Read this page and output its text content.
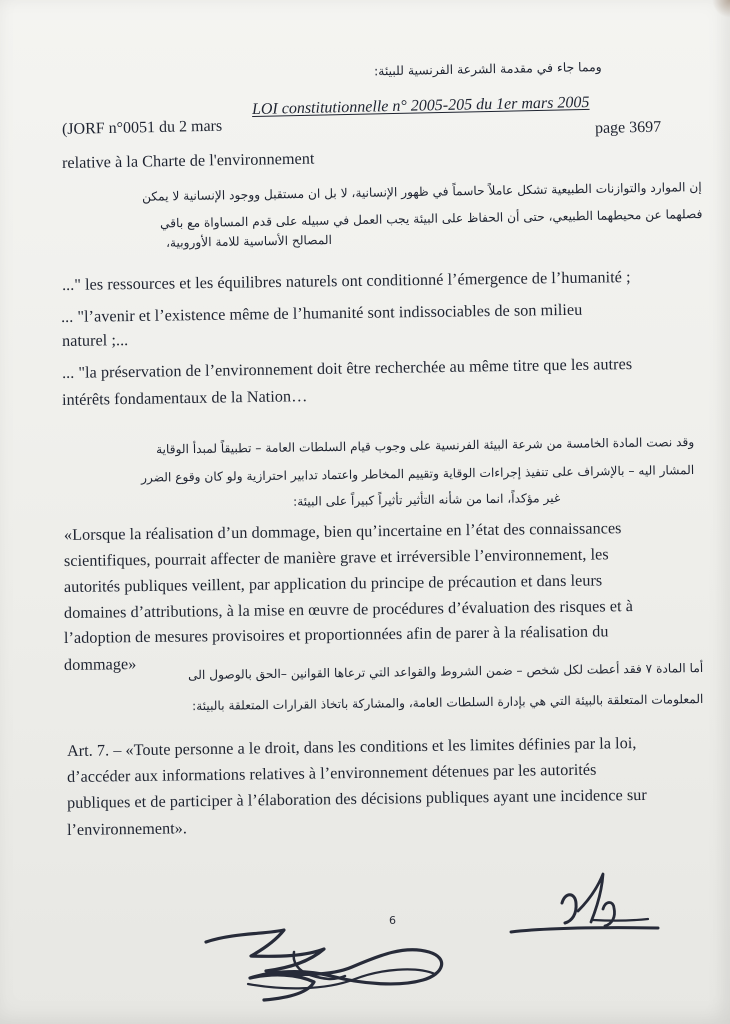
ومما جاء في مقدمة الشرعة الفرنسية للبيئة:
(JORF n°0051 du 2 mars
LOI constitutionnelle n° 2005-205 du 1er mars 2005
page 3697
relative à la Charte de l'environnement
إن الموارد والتوازنات الطبيعية تشكل عاملاً حاسماً في ظهور الإنسانية، لا بل ان مستقبل ووجود الإنسانية لا يمكن
فصلهما عن محيطهما الطبيعي، حتى أن الحفاظ على البيئة يجب العمل في سبيله على قدم المساواة مع باقي
المصالح الأساسية للامة الأوروبية،
..." les ressources et les équilibres naturels ont conditionné l’émergence de l’humanité ;
... "l’avenir et l’existence même de l’humanité sont indissociables de son milieu
naturel ;...
... "la préservation de l’environnement doit être recherchée au même titre que les autres
intérêts fondamentaux de la Nation…
وقد نصت المادة الخامسة من شرعة البيئة الفرنسية على وجوب قيام السلطات العامة – تطبيقاً لمبدأ الوقاية
المشار اليه – بالإشراف على تنفيذ إجراءات الوقاية وتقييم المخاطر واعتماد تدابير احترازية ولو كان وقوع الضرر
غير مؤكداً، انما من شأنه التأثير تأثيراً كبيراً على البيئة:
«Lorsque la réalisation d’un dommage, bien qu’incertaine en l’état des connaissances
scientifiques, pourrait affecter de manière grave et irréversible l’environnement, les
autorités publiques veillent, par application du principe de précaution et dans leurs
domaines d’attributions, à la mise en œuvre de procédures d’évaluation des risques et à
l’adoption de mesures provisoires et proportionnées afin de parer à la réalisation du
dommage»	أما المادة ٧ فقد أعطت لكل شخص – ضمن الشروط والقواعد التي ترعاها القوانين –الحق بالوصول الى
المعلومات المتعلقة بالبيئة التي هي بإدارة السلطات العامة، والمشاركة باتخاذ القرارات المتعلقة بالبيئة:
Art. 7. – «Toute personne a le droit, dans les conditions et les limites définies par la loi,
d’accéder aux informations relatives à l’environnement détenues par les autorités
publiques et de participer à l’élaboration des décisions publiques ayant une incidence sur
l’environnement».
6
